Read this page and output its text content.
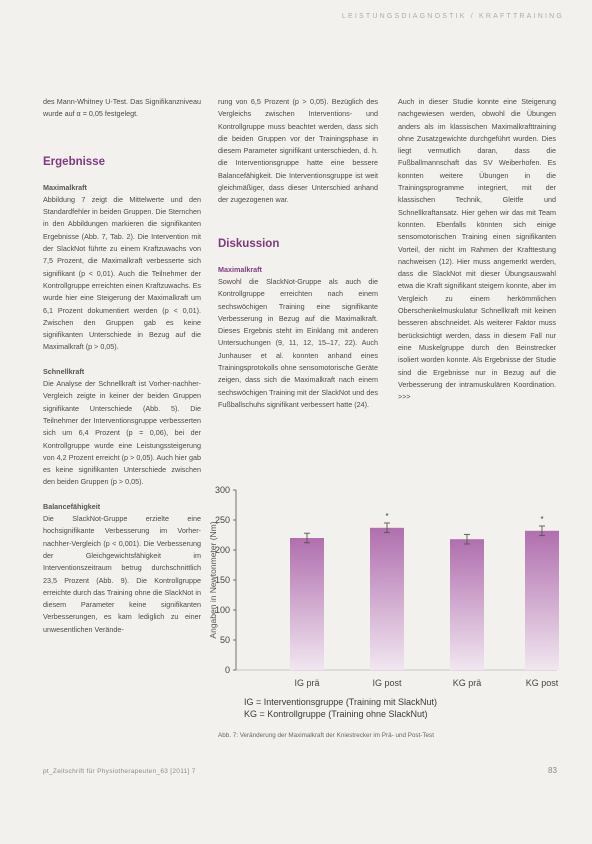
LEISTUNGSDIAGNOSTIK / KRAFTTRAINING

des Mann-Whitney U-Test. Das Signifikanzniveau wurde auf α = 0,05 festgelegt.

Ergebnisse

Maximalkraft

Abbildung 7 zeigt die Mittelwerte und den Standardfehler in beiden Gruppen. Die Sternchen in den Abbildungen markieren die signifikanten Ergebnisse (Abb. 7, Tab. 2). Die Intervention mit der SlackNot führte zu einem Kraftzuwachs von 7,5 Prozent, die Maximalkraft verbesserte sich signifikant (p < 0,01). Auch die Teilnehmer der Kontrollgruppe erreichten einen Kraftzuwachs. Es wurde hier eine Steigerung der Maximalkraft um 6,1 Prozent dokumentiert werden (p < 0,01). Zwischen den Gruppen gab es keine signifikanten Unterschiede in Bezug auf die Maximalkraft (p > 0,05).

Schnellkraft

Die Analyse der Schnellkraft ist Vorher-nachher-Vergleich zeigte in keiner der beiden Gruppen signifikante Unterschiede (Abb. 5). Die Teilnehmer der Interventionsgruppe verbesserten sich um 6,4 Prozent (p = 0,06), bei der Kontrollgruppe wurde eine Leistungssteigerung von 4,2 Prozent erreicht (p > 0,05). Auch hier gab es keine signifikanten Unterschiede zwischen den beiden Gruppen (p > 0,05).

Balancefähigkeit

Die SlackNot-Gruppe erzielte eine hochsignifikante Verbesserung im Vorher-nachher-Vergleich (p < 0,001). Die Verbesserung der Gleichgewichtsfähigkeit im Interventionszeitraum betrug durchschnittlich 23,5 Prozent (Abb. 9). Die Kontrollgruppe erreichte durch das Training ohne die SlackNot in diesem Parameter keine signifikanten Verbesserungen, es kam lediglich zu einer unwesentlichen Verände-

rung von 6,5 Prozent (p > 0,05). Bezüglich des Vergleichs zwischen Interventions- und Kontrollgruppe muss beachtet werden, dass sich die beiden Gruppen vor der Trainingsphase in diesem Parameter signifikant unterschieden, d. h. die Interventionsgruppe hatte eine bessere Balancefähigkeit. Die Interventionsgruppe ist weit gleichmäßiger, dass dieser Unterschied anhand der zugezogenen war.

Diskussion

Maximalkraft

Sowohl die SlackNot-Gruppe als auch die Kontrollgruppe erreichten nach einem sechswöchigen Training eine signifikante Verbesserung in Bezug auf die Maximalkraft. Dieses Ergebnis steht im Einklang mit anderen Untersuchungen (9, 11, 12, 15–17, 22). Auch Junhauser et al. konnten anhand eines Trainingsprotokolls ohne sensomotorische Geräte zeigen, dass sich die Maximalkraft nach einem sechswöchigen Training mit der SlackNot und des Fußballschuhs signifikant verbessert hatte (24).

Auch in dieser Studie konnte eine Steigerung nachgewiesen werden, obwohl die Übungen anders als im klassischen Maximalkrafttraining ohne Zusatzgewichte durchgeführt wurden. Dies liegt vermutlich daran, dass die Fußballmannschaft das SV Weiberhofen. Es konnten weitere Übungen in die Trainingsprogramme integriert, mit der klassischen Technik, Gleitfe und Schnellkraftansatz. Hier gehen wir das mit Team konnten. Ebenfalls könnten sich einige sensomotorischen Training einen signifikanten Vorteil, der nicht im Rahmen der Krafttestung nachweisen (12). Hier muss angemerkt werden, dass die SlackNot mit dieser Übungsauswahl etwa die Kraft signifikant steigern konnte, aber im Vergleich zu einem herkömmlichen Oberschenkelmuskulatur Schnellkraft mit keinen besseren abschneidet. Als weiterer Faktor muss berücksichtigt werden, dass in diesem Fall nur eine Muskelgruppe durch den Beinstrecker isoliert worden konnte. Als Ergebnisse der Studie sind die Ergebnisse nur in Bezug auf die Verbesserung der intramuskulären Koordination. >>>

0
50
100
150
200
250
300
Angaben in Newtonmeter (Nm)
IG prä
*
IG post	KG prä
*
KG post
IG = Interventionsgruppe (Training mit SlackNut)
KG = Kontrollgruppe (Training ohne SlackNut)
Abb. 7: Veränderung der Maximalkraft der Kniestrecker im Prä- und Post-Test
pt_Zeitschrift für Physiotherapeuten_63 [2011] 7	83
